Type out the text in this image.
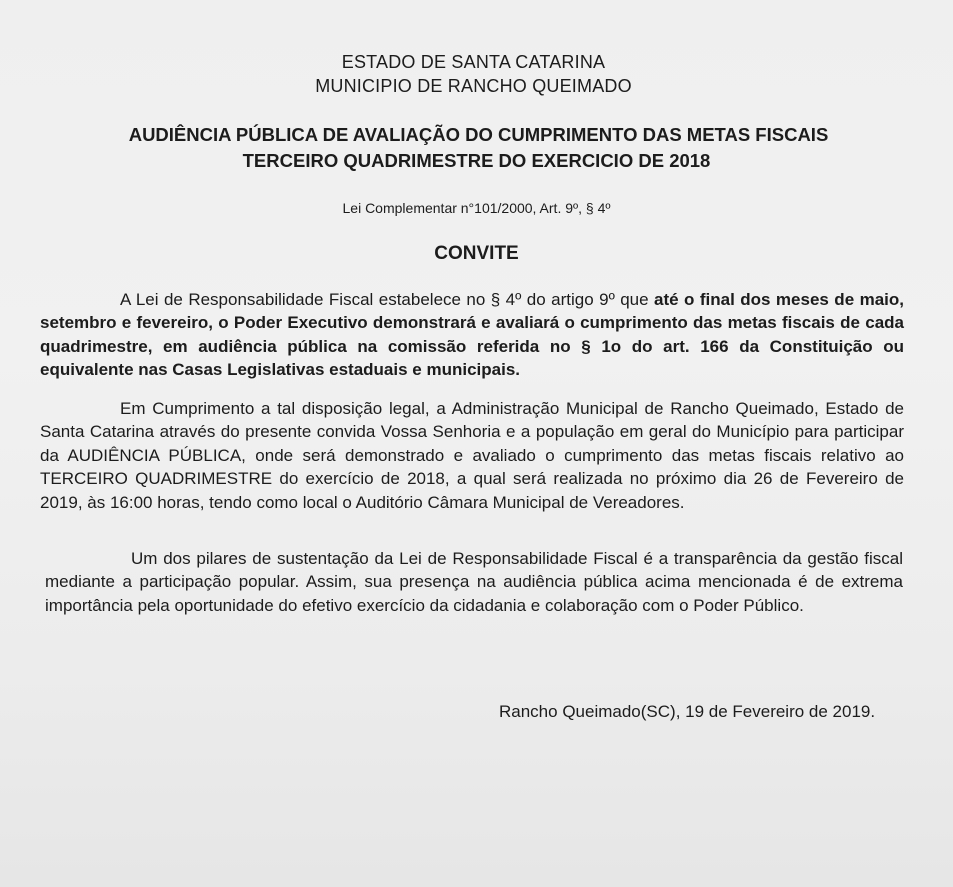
ESTADO DE SANTA CATARINA
MUNICIPIO DE RANCHO QUEIMADO
AUDIÊNCIA PÚBLICA DE AVALIAÇÃO DO CUMPRIMENTO DAS METAS FISCAIS
TERCEIRO QUADRIMESTRE DO EXERCICIO DE 2018
Lei Complementar n°101/2000, Art. 9º, § 4º
CONVITE
A Lei de Responsabilidade Fiscal estabelece no § 4º do artigo 9º que até o final dos meses de maio, setembro e fevereiro, o Poder Executivo demonstrará e avaliará o cumprimento das metas fiscais de cada quadrimestre, em audiência pública na comissão referida no § 1o do art. 166 da Constituição ou equivalente nas Casas Legislativas estaduais e municipais.
Em Cumprimento a tal disposição legal, a Administração Municipal de Rancho Queimado, Estado de Santa Catarina através do presente convida Vossa Senhoria e a população em geral do Município para participar da AUDIÊNCIA PÚBLICA, onde será demonstrado e avaliado o cumprimento das metas fiscais relativo ao TERCEIRO QUADRIMESTRE do exercício de 2018, a qual será realizada no próximo dia 26 de Fevereiro de 2019, às 16:00 horas, tendo como local o Auditório Câmara Municipal de Vereadores.
Um dos pilares de sustentação da Lei de Responsabilidade Fiscal é a transparência da gestão fiscal mediante a participação popular. Assim, sua presença na audiência pública acima mencionada é de extrema importância pela oportunidade do efetivo exercício da cidadania e colaboração com o Poder Público.
Rancho Queimado(SC), 19 de Fevereiro de 2019.
